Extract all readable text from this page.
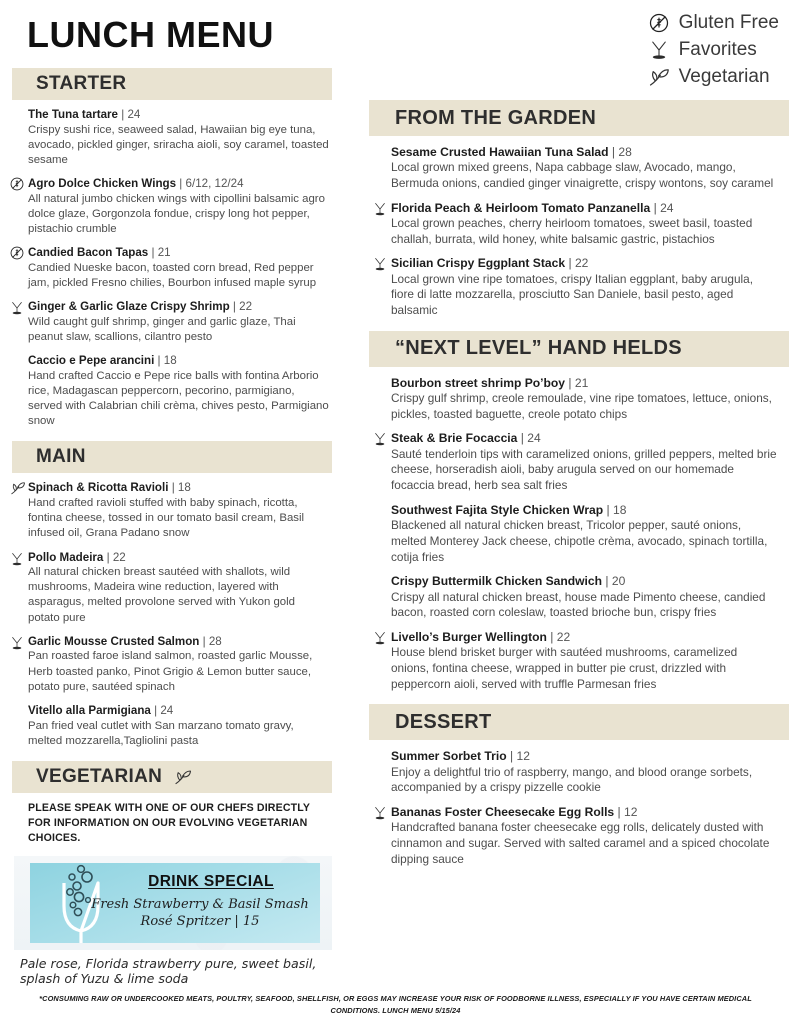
LUNCH MENU	Gluten Free
Favorites
Vegetarian
STARTER
The Tuna tartare | 24
Crispy sushi rice, seaweed salad, Hawaiian big eye tuna, avocado, pickled ginger, sriracha aioli, soy caramel, toasted sesame
Agro Dolce Chicken Wings | 6/12, 12/24
All natural jumbo chicken wings with cipollini balsamic agro dolce glaze, Gorgonzola fondue, crispy long hot pepper, pistachio crumble
Candied Bacon Tapas | 21
Candied Nueske bacon, toasted corn bread, Red pepper jam, pickled Fresno chilies, Bourbon infused maple syrup
Ginger & Garlic Glaze Crispy Shrimp | 22
Wild caught gulf shrimp, ginger and garlic glaze, Thai peanut slaw, scallions, cilantro pesto
Caccio e Pepe arancini | 18
Hand crafted Caccio e Pepe rice balls with fontina Arborio rice, Madagascan peppercorn, pecorino, parmigiano, served with Calabrian chili crèma, chives pesto, Parmigiano snow
MAIN
Spinach & Ricotta Ravioli | 18
Hand crafted ravioli stuffed with baby spinach, ricotta, fontina cheese, tossed in our tomato basil cream, Basil infused oil, Grana Padano snow
Pollo Madeira | 22
All natural chicken breast sautéed with shallots, wild mushrooms, Madeira wine reduction, layered with asparagus, melted provolone served with Yukon gold potato pure
Garlic Mousse Crusted Salmon | 28
Pan roasted faroe island salmon, roasted garlic Mousse, Herb toasted panko, Pinot Grigio & Lemon butter sauce, potato pure, sautéed spinach
Vitello alla Parmigiana | 24
Pan fried veal cutlet with San marzano tomato gravy, melted mozzarella,Tagliolini pasta
VEGETARIAN
PLEASE SPEAK WITH ONE OF OUR CHEFS DIRECTLY FOR INFORMATION ON OUR EVOLVING VEGETARIAN CHOICES.
DRINK SPECIAL
Fresh Strawberry & Basil Smash
Rosé Spritzer | 15
Pale rose, Florida strawberry pure, sweet basil, splash of Yuzu & lime soda
FROM THE GARDEN
Sesame Crusted Hawaiian Tuna Salad | 28
Local grown mixed greens, Napa cabbage slaw, Avocado, mango, Bermuda onions, candied ginger vinaigrette, crispy wontons, soy caramel
Florida Peach & Heirloom Tomato Panzanella | 24
Local grown peaches, cherry heirloom tomatoes, sweet basil, toasted challah, burrata, wild honey, white balsamic gastric, pistachios
Sicilian Crispy Eggplant Stack | 22
Local grown vine ripe tomatoes, crispy Italian eggplant, baby arugula, fiore di latte mozzarella, prosciutto San Daniele, basil pesto, aged balsamic
“NEXT LEVEL” HAND HELDS
Bourbon street shrimp Po’boy | 21
Crispy gulf shrimp, creole remoulade, vine ripe tomatoes, lettuce, onions, pickles, toasted baguette, creole potato chips
Steak & Brie Focaccia | 24
Sauté tenderloin tips with caramelized onions, grilled peppers, melted brie cheese, horseradish aioli, baby arugula served on our homemade focaccia bread, herb sea salt fries
Southwest Fajita Style Chicken Wrap | 18
Blackened all natural chicken breast, Tricolor pepper, sauté onions, melted Monterey Jack cheese, chipotle crèma, avocado, spinach tortilla, cotija fries
Crispy Buttermilk Chicken Sandwich | 20
Crispy all natural chicken breast, house made Pimento cheese, candied bacon, roasted corn coleslaw, toasted brioche bun, crispy fries
Livello’s Burger Wellington | 22
House blend brisket burger with sautéed mushrooms, caramelized onions, fontina cheese, wrapped in butter pie crust, drizzled with peppercorn aioli, served with truffle Parmesan fries
DESSERT
Summer Sorbet Trio | 12
Enjoy a delightful trio of raspberry, mango, and blood orange sorbets, accompanied by a crispy pizzelle cookie
Bananas Foster Cheesecake Egg Rolls | 12
Handcrafted banana foster cheesecake egg rolls, delicately dusted with cinnamon and sugar. Served with salted caramel and a spiced chocolate dipping sauce
*CONSUMING RAW OR UNDERCOOKED MEATS, POULTRY, SEAFOOD, SHELLFISH, OR EGGS MAY INCREASE YOUR RISK OF FOODBORNE ILLNESS, ESPECIALLY IF YOU HAVE CERTAIN MEDICAL CONDITIONS. LUNCH MENU 5/15/24
